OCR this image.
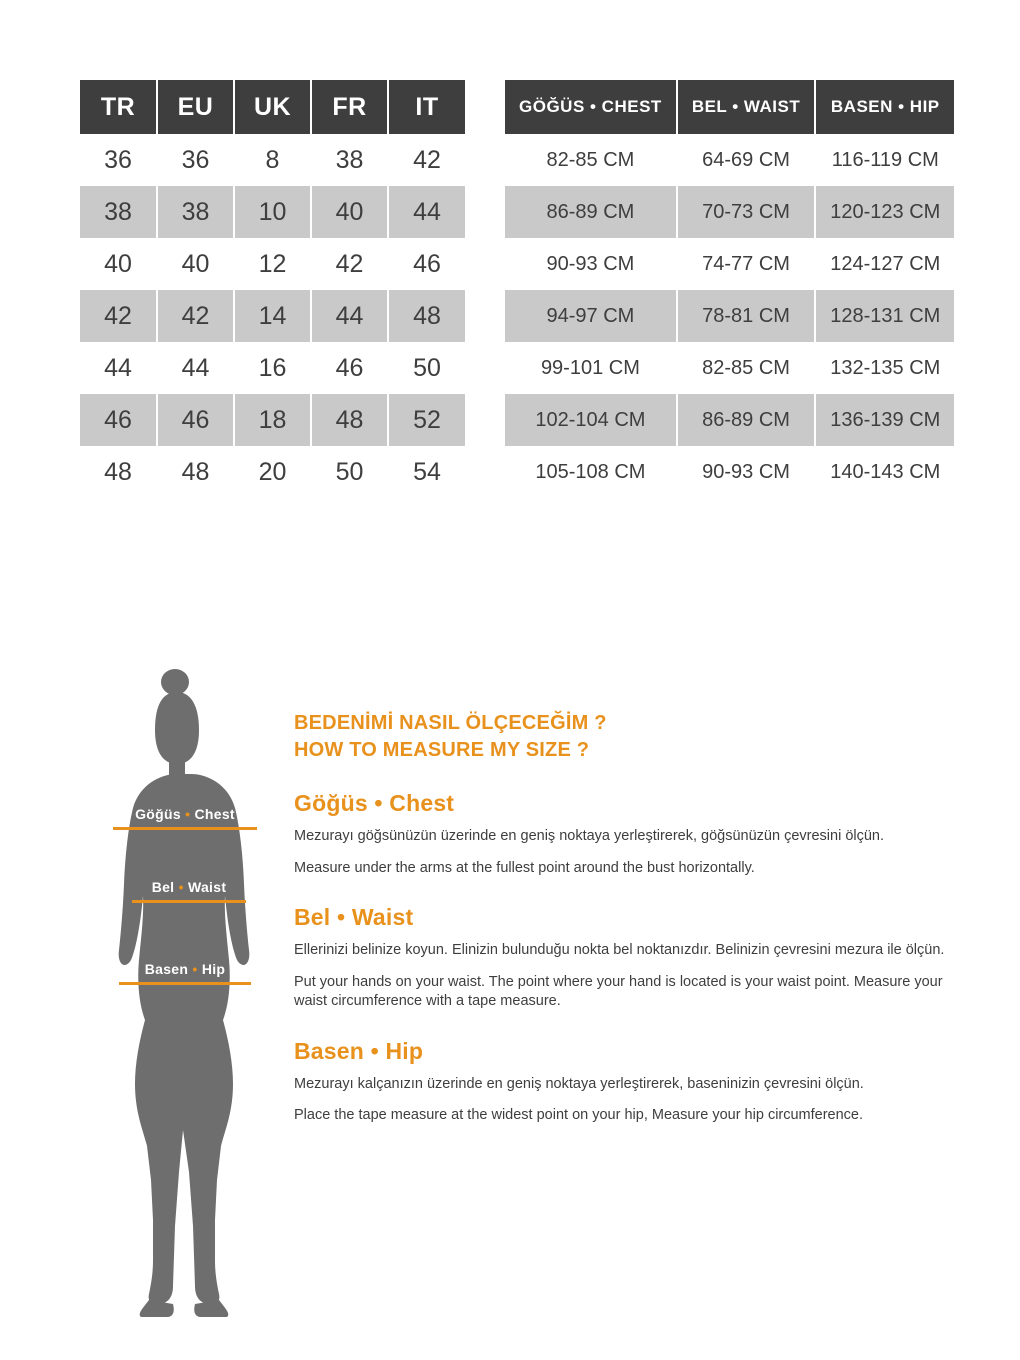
TR	EU	UK	FR	IT
36	36	8	38	42
38	38	10	40	44
40	40	12	42	46
42	42	14	44	48
44	44	16	46	50
46	46	18	48	52
48	48	20	50	54
GÖĞÜS • CHEST	BEL • WAIST	BASEN • HIP
82-85 CM	64-69 CM	116-119 CM
86-89 CM	70-73 CM	120-123 CM
90-93 CM	74-77 CM	124-127 CM
94-97 CM	78-81 CM	128-131 CM
99-101 CM	82-85 CM	132-135 CM
102-104 CM	86-89 CM	136-139 CM
105-108 CM	90-93 CM	140-143 CM
Göğüs • Chest
Bel • Waist
Basen • Hip
BEDENİMİ NASIL ÖLÇECEĞİM ?
HOW TO MEASURE MY SIZE ?
Göğüs • Chest
Mezurayı göğsünüzün üzerinde en geniş noktaya yerleştirerek, göğsünüzün çevresini ölçün.
Measure under the arms at the fullest point around the bust horizontally.
Bel • Waist
Ellerinizi belinize koyun. Elinizin bulunduğu nokta bel noktanızdır. Belinizin çevresini mezura ile ölçün.
Put your hands on your waist. The point where your hand is located is your waist point. Measure your waist circumference with a tape measure.
Basen • Hip
Mezurayı kalçanızın üzerinde en geniş noktaya yerleştirerek, baseninizin çevresini ölçün.
Place the tape measure at the widest point on your hip, Measure your hip circumference.
